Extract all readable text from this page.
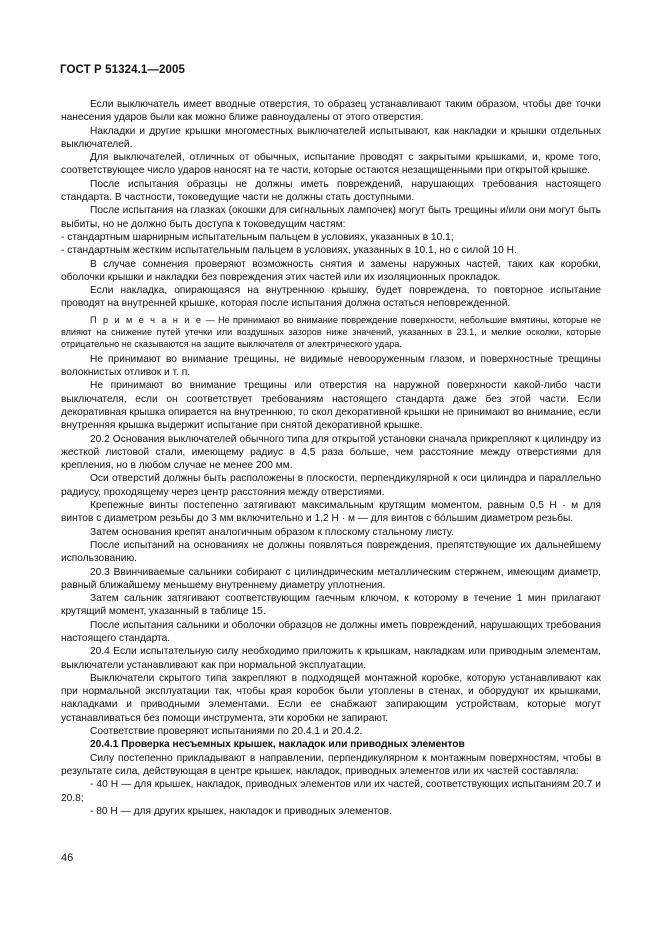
ГОСТ Р 51324.1—2005

Если выключатель имеет вводные отверстия, то образец устанавливают таким образом, чтобы две точки нанесения ударов были как можно ближе равноудалены от этого отверстия.

Накладки и другие крышки многоместных выключателей испытывают, как накладки и крышки отдельных выключателей.

Для выключателей, отличных от обычных, испытание проводят с закрытыми крышками, и, кроме того, соответствующее число ударов наносят на те части, которые остаются незащищенными при открытой крышке.

После испытания образцы не должны иметь повреждений, нарушающих требования настоящего стандарта. В частности, токоведущие части не должны стать доступными.

После испытания на глазках (окошки для сигнальных лампочек) могут быть трещины и/или они могут быть выбиты, но не должно быть доступа к токоведущим частям:

- стандартным шарнирным испытательным пальцем в условиях, указанных в 10.1;

- стандартным жестким испытательным пальцем в условиях, указанных в 10.1, но с силой 10 Н.

В случае сомнения проверяют возможность снятия и замены наружных частей, таких как коробки, оболочки крышки и накладки без повреждения этих частей или их изоляционных прокладок.

Если накладка, опирающаяся на внутреннюю крышку, будет повреждена, то повторное испытание проводят на внутренней крышке, которая после испытания должна остаться неповрежденной.

П р и м е ч а н и е — Не принимают во внимание повреждение поверхности, небольшие вмятины, которые не влияют на снижение путей утечки или воздушных зазоров ниже значений, указанных в 23.1, и мелкие осколки, которые отрицательно не сказываются на защите выключателя от электрического удара.

Не принимают во внимание трещины, не видимые невооруженным глазом, и поверхностные трещины волокнистых отливок и т. п.

Не принимают во внимание трещины или отверстия на наружной поверхности какой-либо части выключателя, если он соответствует требованиям настоящего стандарта даже без этой части. Если декоративная крышка опирается на внутреннюю, то скол декоративной крышки не принимают во внимание, если внутренняя крышка выдержит испытание при снятой декоративной крышке.

20.2 Основания выключателей обычного типа для открытой установки сначала прикрепляют к цилиндру из жесткой листовой стали, имеющему радиус в 4,5 раза больше, чем расстояние между отверстиями для крепления, но в любом случае не менее 200 мм.

Оси отверстий должны быть расположены в плоскости, перпендикулярной к оси цилиндра и параллельно радиусу, проходящему через центр расстояния между отверстиями.

Крепежные винты постепенно затягивают максимальным крутящим моментом, равным 0,5 Н · м для винтов с диаметром резьбы до 3 мм включительно и 1,2 Н · м — для винтов с бо́льшим диаметром резьбы.

Затем основания крепят аналогичным образом к плоскому стальному листу.

После испытаний на основаниях не должны появляться повреждения, препятствующие их дальнейшему использованию.

20.3 Ввинчиваемые сальники собирают с цилиндрическим металлическим стержнем, имеющим диаметр, равный ближайшему меньшему внутреннему диаметру уплотнения.

Затем сальник затягивают соответствующим гаечным ключом, к которому в течение 1 мин прилагают крутящий момент, указанный в таблице 15.

После испытания сальники и оболочки образцов не должны иметь повреждений, нарушающих требования настоящего стандарта.

20.4 Если испытательную силу необходимо приложить к крышкам, накладкам или приводным элементам, выключатели устанавливают как при нормальной эксплуатации.

Выключатели скрытого типа закрепляют в подходящей монтажной коробке, которую устанавливают как при нормальной эксплуатации так, чтобы края коробок были утоплены в стенах, и оборудуют их крышками, накладками и приводными элементами. Если ее снабжают запирающим устройствам, которые могут устанавливаться без помощи инструмента, эти коробки не запирают.

Соответствие проверяют испытаниями по 20.4.1 и 20.4.2.

20.4.1 Проверка несъемных крышек, накладок или приводных элементов

Силу постепенно прикладывают в направлении, перпендикулярном к монтажным поверхностям, чтобы в результате сила, действующая в центре крышек, накладок, приводных элементов или их частей составляла:

- 40 Н — для крышек, накладок, приводных элементов или их частей, соответствующих испытаниям 20.7 и 20.8;

- 80 Н — для других крышек, накладок и приводных элементов.

46
